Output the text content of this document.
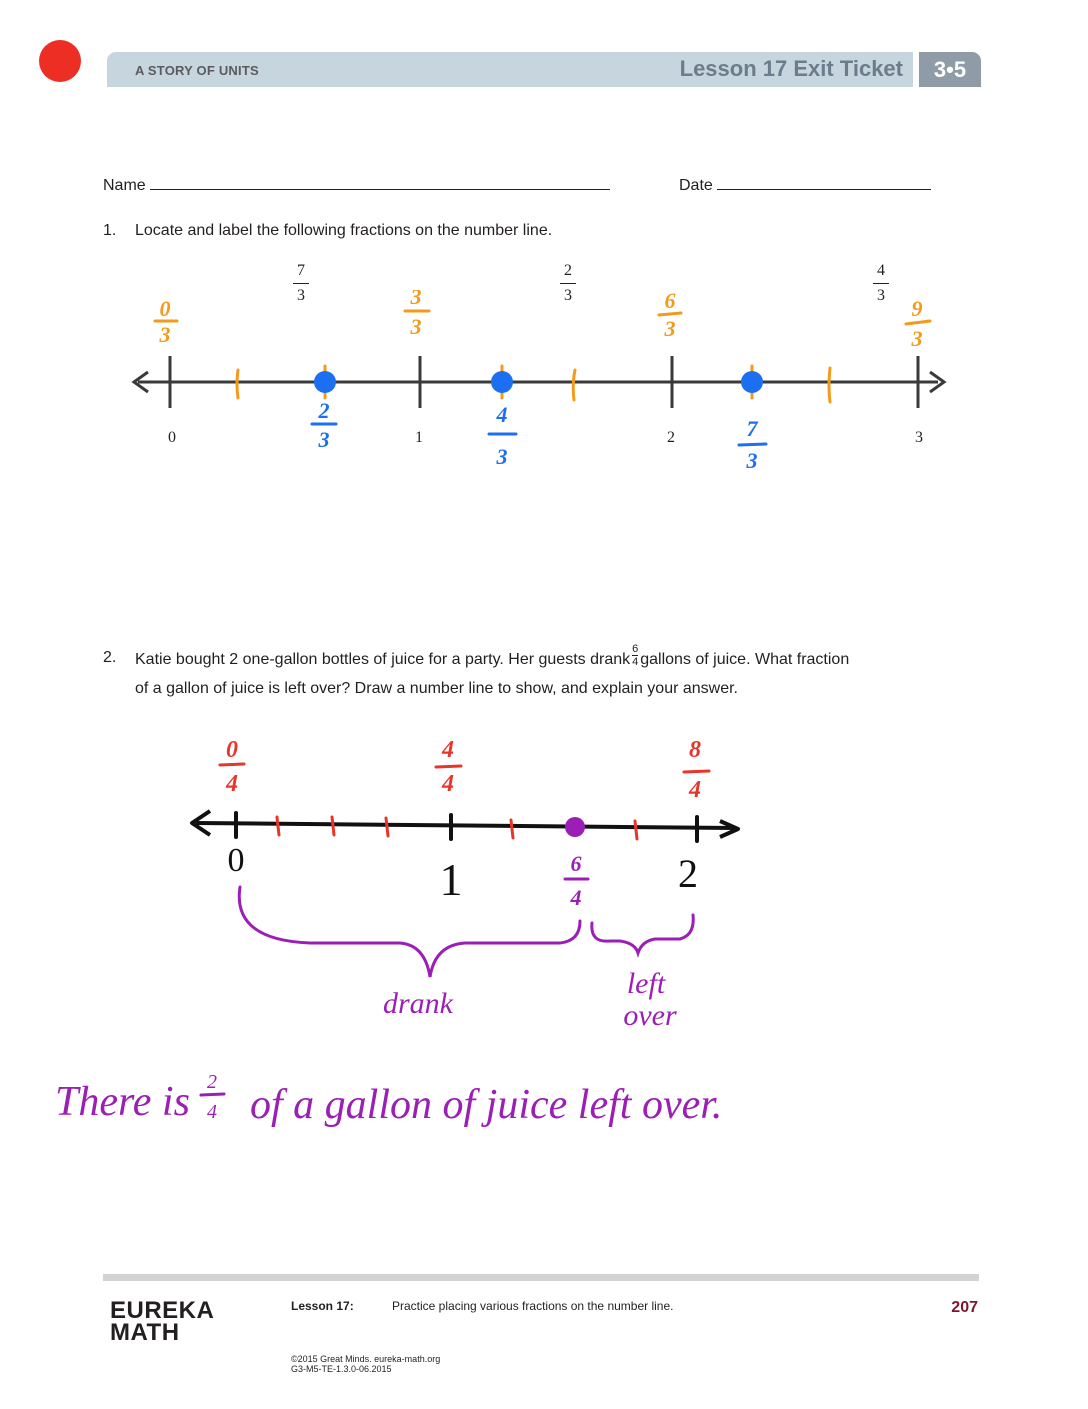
A STORY OF UNITS	Lesson 17 Exit Ticket	3•5
Name	Date
1. Locate and label the following fractions on the number line.
7
3
2
3
4
3
0	1	2	3
0
3
3
3
6
3
9
3
2
3
4
3
7
3
2. Katie bought 2 one-gallon bottles of juice for a party. Her guests drank $\frac{6}{4}$ gallons of juice. What fraction
of a gallon of juice is left over? Draw a number line to show, and explain your answer.
0
4
4
4
8
4
0	1	2
6
4
drank
left
over
There is of a gallon of juice left over.
2
4
EUREKA
MATH
Lesson 17:	Practice placing various fractions on the number line.	207
©2015 Great Minds. eureka-math.org
G3-M5-TE-1.3.0-06.2015
